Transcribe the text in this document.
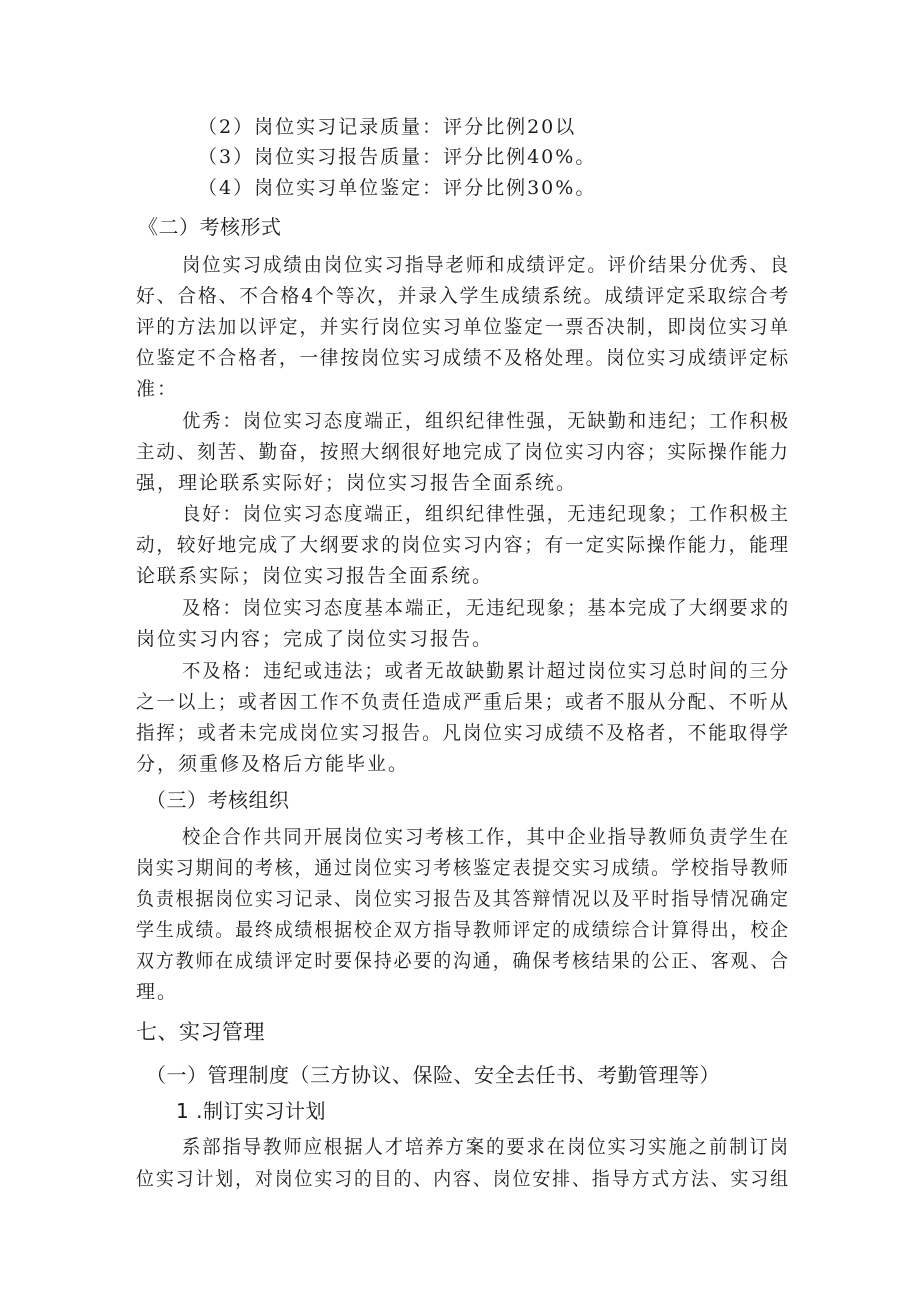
（2）岗位实习记录质量：评分比例20以
（3）岗位实习报告质量：评分比例40%。
（4）岗位实习单位鉴定：评分比例30%。
《二）考核形式
岗位实习成绩由岗位实习指导老师和成绩评定。评价结果分优秀、良
好、合格、不合格4个等次，并录入学生成绩系统。成绩评定采取综合考
评的方法加以评定，并实行岗位实习单位鉴定一票否决制，即岗位实习单
位鉴定不合格者，一律按岗位实习成绩不及格处理。岗位实习成绩评定标
准：
优秀：岗位实习态度端正，组织纪律性强，无缺勤和违纪；工作积极
主动、刻苦、勤奋，按照大纲很好地完成了岗位实习内容；实际操作能力
强，理论联系实际好；岗位实习报告全面系统。
良好：岗位实习态度端正，组织纪律性强，无违纪现象；工作积极主
动，较好地完成了大纲要求的岗位实习内容；有一定实际操作能力，能理
论联系实际；岗位实习报告全面系统。
及格：岗位实习态度基本端正，无违纪现象；基本完成了大纲要求的
岗位实习内容；完成了岗位实习报告。
不及格：违纪或违法；或者无故缺勤累计超过岗位实习总时间的三分
之一以上；或者因工作不负责任造成严重后果；或者不服从分配、不听从
指挥；或者未完成岗位实习报告。凡岗位实习成绩不及格者，不能取得学
分，须重修及格后方能毕业。
（三）考核组织
校企合作共同开展岗位实习考核工作，其中企业指导教师负责学生在
岗实习期间的考核，通过岗位实习考核鉴定表提交实习成绩。学校指导教师
负责根据岗位实习记录、岗位实习报告及其答辩情况以及平时指导情况确定
学生成绩。最终成绩根据校企双方指导教师评定的成绩综合计算得出，校企
双方教师在成绩评定时要保持必要的沟通，确保考核结果的公正、客观、合
理。
七、实习管理
（一）管理制度（三方协议、保险、安全去任书、考勤管理等）
1 .制订实习计划
系部指导教师应根据人才培养方案的要求在岗位实习实施之前制订岗
位实习计划，对岗位实习的目的、内容、岗位安排、指导方式方法、实习组
